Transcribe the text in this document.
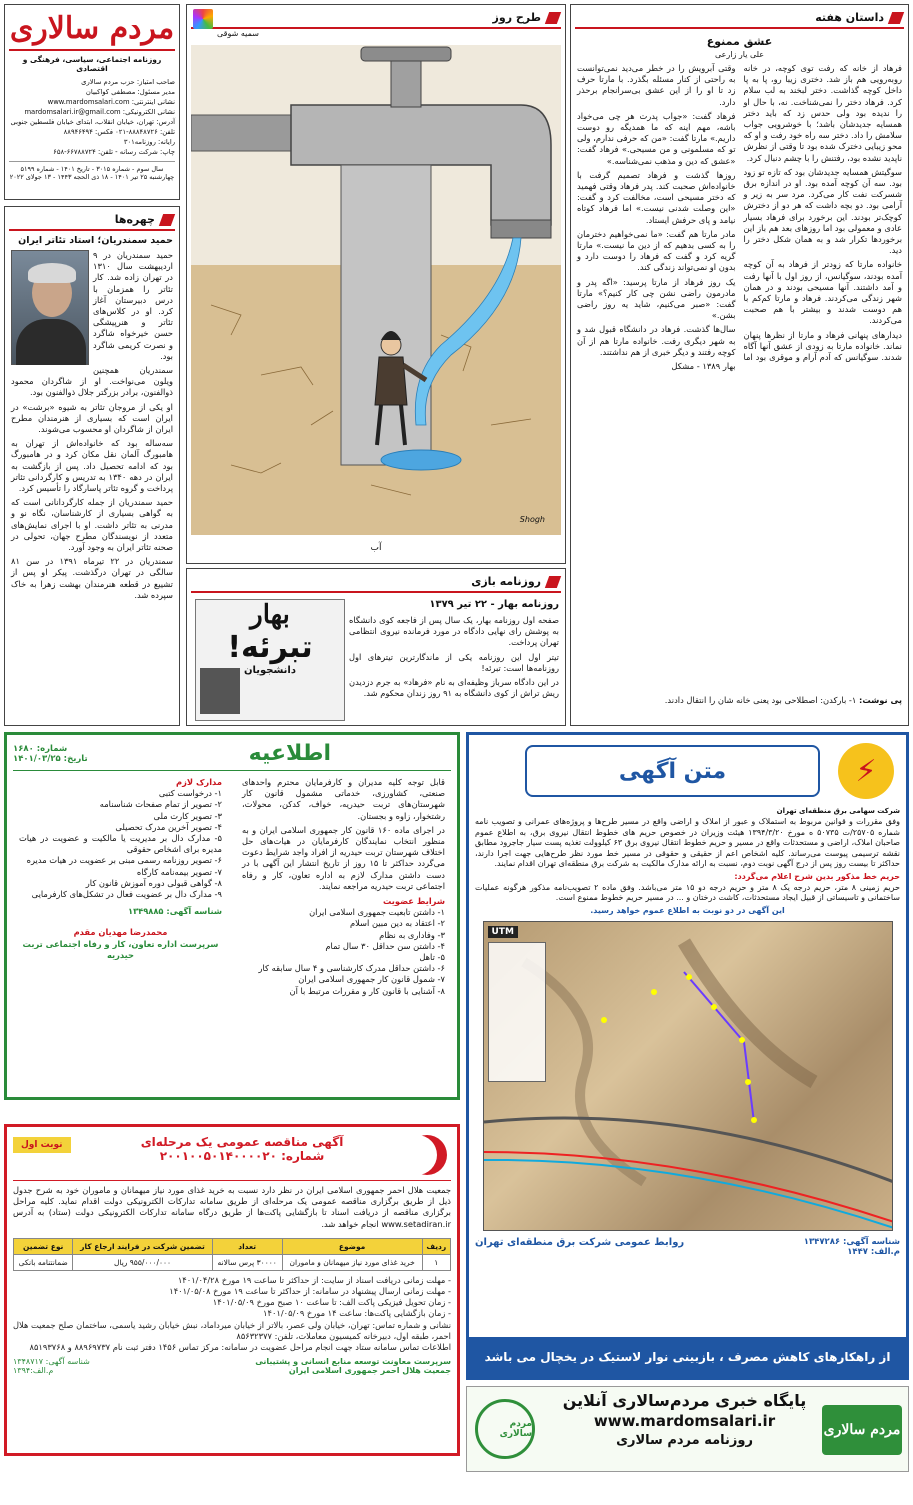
مردم سالاری
روزنامه اجتماعی، سیاسی، فرهنگی و اقتصادی
صاحب امتیاز: حزب مردم سالاری
مدیر مسئول: مصطفی کواکبیان
نشانی اینترنتی: www.mardomsalari.com
نشانی الکترونیکی: mardomsalari.ir@gmail.com
آدرس: تهران، خیابان انقلاب، ابتدای خیابان فلسطین جنوبی
تلفن: ۸۸۸۴۸۷۲۶-۰۲۱ فکس: ۸۸۹۴۶۴۹۴
رایانه: روزنامه۳۰۱
چاپ: شرکت رسانه - تلفن: ۶۶۷۸۸۷۲۴-۶۵۸
سال سوم - شماره ۳۰۱۵ - تاریخ ۱۴۰۱ - شماره ۵۱۹۹
چهارشنبه ۲۵ تیر ۱۴۰۱ - ۱۸ ذی الحجه ۱۴۴۳ - ۱۳ جولای ۲۰۲۲
چهره‌ها
حمید سمندریان؛ استاد تئاتر ایران

حمید سمندریان در ۹ اردیبهشت سال ۱۳۱۰ در تهران زاده شد. کار تئاتر را همزمان با درس دبیرستان آغاز کرد. او در کلاس‌های تئاتر و هنرپیشگی حسن خیرخواه شاگرد و نصرت کریمی شاگرد بود.

سمندریان همچنین ویلون می‌نواخت. او از شاگردان محمود ذوالفنون، برادر بزرگتر جلال ذوالفنون بود.

او یکی از مروجان تئاتر به شیوه «برشت» در ایران است که بسیاری از هنرمندان مطرح ایران از شاگردان او محسوب می‌شوند.

سه‌ساله بود که خانواده‌اش از تهران به هامبورگ آلمان نقل مکان کرد و در هامبورگ بود که ادامه تحصیل داد. پس از بازگشت به ایران در دهه ۱۳۴۰ به تدریس و کارگردانی تئاتر پرداخت و گروه تئاتر پاسارگاد را تأسیس کرد.

حمید سمندریان از جمله کارگردانانی است که به گواهی بسیاری از کارشناسان، نگاه نو و مدرنی به تئاتر داشت. او با اجرای نمایش‌های متعدد از نویسندگان مطرح جهان، تحولی در صحنه تئاتر ایران به وجود آورد.

سمندریان در ۲۲ تیرماه ۱۳۹۱ در سن ۸۱ سالگی در تهران درگذشت. پیکر او پس از تشییع در قطعه هنرمندان بهشت زهرا به خاک سپرده شد.

طرح روز
سمیه شوقی
Shogh
آب
روزنامه بازی
بهار
تبرئه!
دانشجویان
روزنامه بهار - ۲۲ تیر ۱۳۷۹

صفحه اول روزنامه بهار، یک سال پس از فاجعه کوی دانشگاه به پوشش رای نهایی دادگاه در مورد فرمانده نیروی انتظامی تهران پرداخت.

تیتر اول این روزنامه یکی از ماندگارترین تیترهای اول روزنامه‌ها است: تبرئه!

در این دادگاه سرباز وظیفه‌ای به نام «فرهاد» به جرم دزدیدن ریش تراش از کوی دانشگاه به ۹۱ روز زندان محکوم شد.

داستان هفته
عشق ممنوع
علی یار زارعی

فرهاد از خانه که رفت توی کوچه، در خانه روبه‌رویی هم باز شد. دختری زیبا رو، پا به پا داخل کوچه گذاشت. دختر لبخند به لب سلام کرد. فرهاد دختر را نمی‌شناخت. نه، با حال او را ندیده بود ولی حدس زد که باید دختر همسایه جدیدشان باشد؛ با خوشرویی جواب سلامش را داد. دختر سه راه خود رفت و او که محو زیبایی دخترک شده بود تا وقتی از نظرش ناپدید نشده بود، رفتنش را با چشم دنبال کرد.

سوگیتش همسایه جدیدشان بود که تازه تو زود بود. سه آن کوچه آمده بود. او در اندازه برق شسرکت نفت کار می‌کرد. مرد سر به زیر و آرامی بود. دو بچه داشت که هر دو از دخترش کوچک‌تر بودند. این برخورد برای فرهاد بسیار عادی و معمولی بود اما روزهای بعد هم باز این برخوردها تکرار شد و به همان شکل دختر را دید.

خانواده مارتا که زودتر از فرهاد به آن کوچه آمده بودند، سوگیانس، از روز اول با آنها رفت و آمد داشتند. آنها مسیحی بودند و در همان شهر زندگی می‌کردند. فرهاد و مارتا کم‌کم با هم دوست شدند و بیشتر با هم صحبت می‌کردند.

دیدارهای پنهانی فرهاد و مارتا از نظرها پنهان نماند. خانواده مارتا به زودی از عشق آنها آگاه شدند. سوگیانس که آدم آرام و موقری بود اما وقتی آبرویش را در خطر می‌دید نمی‌توانست به راحتی از کنار مسئله بگذرد. با مارتا حرف زد تا او را از این عشق بی‌سرانجام برحذر دارد.

فرهاد گفت: «جواب پدرت هر چی می‌خواد باشه، مهم اینه که ما همدیگه رو دوست داریم.» مارتا گفت: «من که حرفی ندارم، ولی تو که مسلمونی و من مسیحی.» فرهاد گفت: «عشق که دین و مذهب نمی‌شناسه.»

روزها گذشت و فرهاد تصمیم گرفت با خانواده‌اش صحبت کند. پدر فرهاد وقتی فهمید که دختر مسیحی است، مخالفت کرد و گفت: «این وصلت شدنی نیست.» اما فرهاد کوتاه نیامد و پای حرفش ایستاد.

مادر مارتا هم گفت: «ما نمی‌خواهیم دخترمان را به کسی بدهیم که از دین ما نیست.» مارتا گریه کرد و گفت که فرهاد را دوست دارد و بدون او نمی‌تواند زندگی کند.

یک روز فرهاد از مارتا پرسید: «اگه پدر و مادرمون راضی نشن چی کار کنیم؟» مارتا گفت: «صبر می‌کنیم، شاید یه روز راضی بشن.»

سال‌ها گذشت. فرهاد در دانشگاه قبول شد و به شهر دیگری رفت. خانواده مارتا هم از آن کوچه رفتند و دیگر خبری از هم نداشتند.

بهار ۱۳۸۹ - مشکل

پی نوشت: ۱- بارکدن: اصطلاحی بود یعنی خانه شان را انتقال دادند.
اطلاعیه
شماره: ۱۶۸۰
تاریخ: ۱۴۰۱/۰۳/۲۵

قابل توجه کلیه مدیران و کارفرمایان محترم واحدهای صنعتی، کشاورزی، خدماتی مشمول قانون کار شهرستان‌های تربت حیدریه، خواف، کدکن، محولات، رشتخوار، زاوه و بجستان.

در اجرای ماده ۱۶۰ قانون کار جمهوری اسلامی ایران و به منظور انتخاب نمایندگان کارفرمایان در هیات‌های حل اختلاف شهرستان تربت حیدریه از افراد واجد شرایط دعوت می‌گردد حداکثر تا ۱۵ روز از تاریخ انتشار این آگهی با در دست داشتن مدارک لازم به اداره تعاون، کار و رفاه اجتماعی تربت حیدریه مراجعه نمایند.

شرایط عضویت
۱- داشتن تابعیت جمهوری اسلامی ایران
۲- اعتقاد به دین مبین اسلام
۳- وفاداری به نظام
۴- داشتن سن حداقل ۳۰ سال تمام
۵- تاهل
۶- داشتن حداقل مدرک کارشناسی و ۴ سال سابقه کار
۷- شمول قانون کار جمهوری اسلامی ایران
۸- آشنایی با قانون کار و مقررات مرتبط با آن
مدارک لازم
۱- درخواست کتبی
۲- تصویر از تمام صفحات شناسنامه
۳- تصویر کارت ملی
۴- تصویر آخرین مدرک تحصیلی
۵- مدارک دال بر مدیریت یا مالکیت و عضویت در هیات مدیره برای اشخاص حقوقی
۶- تصویر روزنامه رسمی مبنی بر عضویت در هیات مدیره
۷- تصویر بیمه‌نامه کارگاه
۸- گواهی قبولی دوره آموزش قانون کار
۹- مدارک دال بر عضویت فعال در تشکل‌های کارفرمایی
شناسه آگهی: ۱۳۴۹۸۸۵
محمدرضا مهدیان مقدم
سرپرست اداره تعاون، کار و رفاه اجتماعی تربت حیدریه
نوبت اول	آگهی مناقصه عمومی یک مرحله‌ای
شماره: ۲۰۰۱۰۰۵۰۱۴۰۰۰۰۲۰
جمعیت هلال احمر جمهوری اسلامی ایران در نظر دارد نسبت به خرید غذای مورد نیاز میهمانان و ماموران خود به شرح جدول ذیل از طریق برگزاری مناقصه عمومی یک مرحله‌ای از طریق سامانه تدارکات الکترونیکی دولت اقدام نماید. کلیه مراحل برگزاری مناقصه از دریافت اسناد تا بازگشایی پاکت‌ها از طریق درگاه سامانه تدارکات الکترونیکی دولت (ستاد) به آدرس www.setadiran.ir انجام خواهد شد.
ردیف	موضوع	تعداد	تضمین شرکت در فرایند ارجاع کار	نوع تضمین
۱	خرید غذای مورد نیاز میهمانان و ماموران	۳۰۰۰۰ پرس سالانه	۹۵۵/۰۰۰/۰۰۰ ریال	ضمانتنامه بانکی
- مهلت زمانی دریافت اسناد از سایت: از حداکثر تا ساعت ۱۹ مورخ ۱۴۰۱/۰۴/۲۸
- مهلت زمانی ارسال پیشنهاد در سامانه: از حداکثر تا ساعت ۱۹ مورخ ۱۴۰۱/۰۵/۰۸
- زمان تحویل فیزیکی پاکت الف: تا ساعت ۱۰ صبح مورخ ۱۴۰۱/۰۵/۰۹
- زمان بازگشایی پاکت‌ها: ساعت ۱۴ مورخ ۱۴۰۱/۰۵/۰۹
نشانی و شماره تماس: تهران، خیابان ولی عصر، بالاتر از خیابان میرداماد، نبش خیابان رشید یاسمی، ساختمان صلح جمعیت هلال احمر، طبقه اول، دبیرخانه کمیسیون معاملات، تلفن: ۸۵۶۳۲۳۷۷
اطلاعات تماس سامانه ستاد جهت انجام مراحل عضویت در سامانه: مرکز تماس ۱۴۵۶ دفتر ثبت نام ۸۸۹۶۹۷۳۷ و ۸۵۱۹۳۷۶۸
سرپرست معاونت توسعه منابع انسانی و پشتیبانی
جمعیت هلال احمر جمهوری اسلامی ایران
شناسه آگهی: ۱۳۴۸۷۱۷
م.الف:۱۳۹۴
متن آگهی	⚡
شرکت سهامی برق منطقه‌ای تهران
وفق مقررات و قوانین مربوط به استملاک و عبور از املاک و اراضی واقع در مسیر طرح‌ها و پروژه‌های عمرانی و تصویب نامه شماره ۲۵۷۰۵/ت ۵۰۷۳۵ ه مورخ ۱۳۹۴/۳/۲۰ هیئت وزیران در خصوص حریم های خطوط انتقال نیروی برق، به اطلاع عموم صاحبان املاک، اراضی و مستحدثات واقع در مسیر و حریم خطوط انتقال نیروی برق ۶۳ کیلوولت تغذیه پست سیار جاجرود مطابق نقشه ترسیمی پیوست می‌رساند. کلیه اشخاص اعم از حقیقی و حقوقی در مسیر خط مورد نظر طرح‌هایی جهت اجرا دارند، حداکثر تا بیست روز پس از درج آگهی نوبت دوم، نسبت به ارائه مدارک مالکیت به شرکت برق منطقه‌ای تهران اقدام نمایند.
حریم خط مذکور بدین شرح اعلام می‌گردد:
حریم زمینی ۸ متر، حریم درجه یک ۸ متر و حریم درجه دو ۱۵ متر می‌باشد. وفق ماده ۲ تصویب‌نامه مذکور هرگونه عملیات ساختمانی و تاسیساتی از قبیل ایجاد مستحدثات، کاشت درختان و ... در مسیر حریم خطوط ممنوع است.
این آگهی در دو نوبت به اطلاع عموم خواهد رسید.
UTM
شناسه آگهی: ۱۳۴۷۲۸۶
م.الف: ۱۴۴۷
روابط عمومی شرکت برق منطقه‌ای تهران
از راهکارهای کاهش مصرف ، بازبینی نوار لاستیک در یخچال می باشد
مردم سالاری
پایگاه خبری مردم‌سالاری آنلاین
www.mardomsalari.ir
روزنامه مردم سالاری
مردم سالاری
